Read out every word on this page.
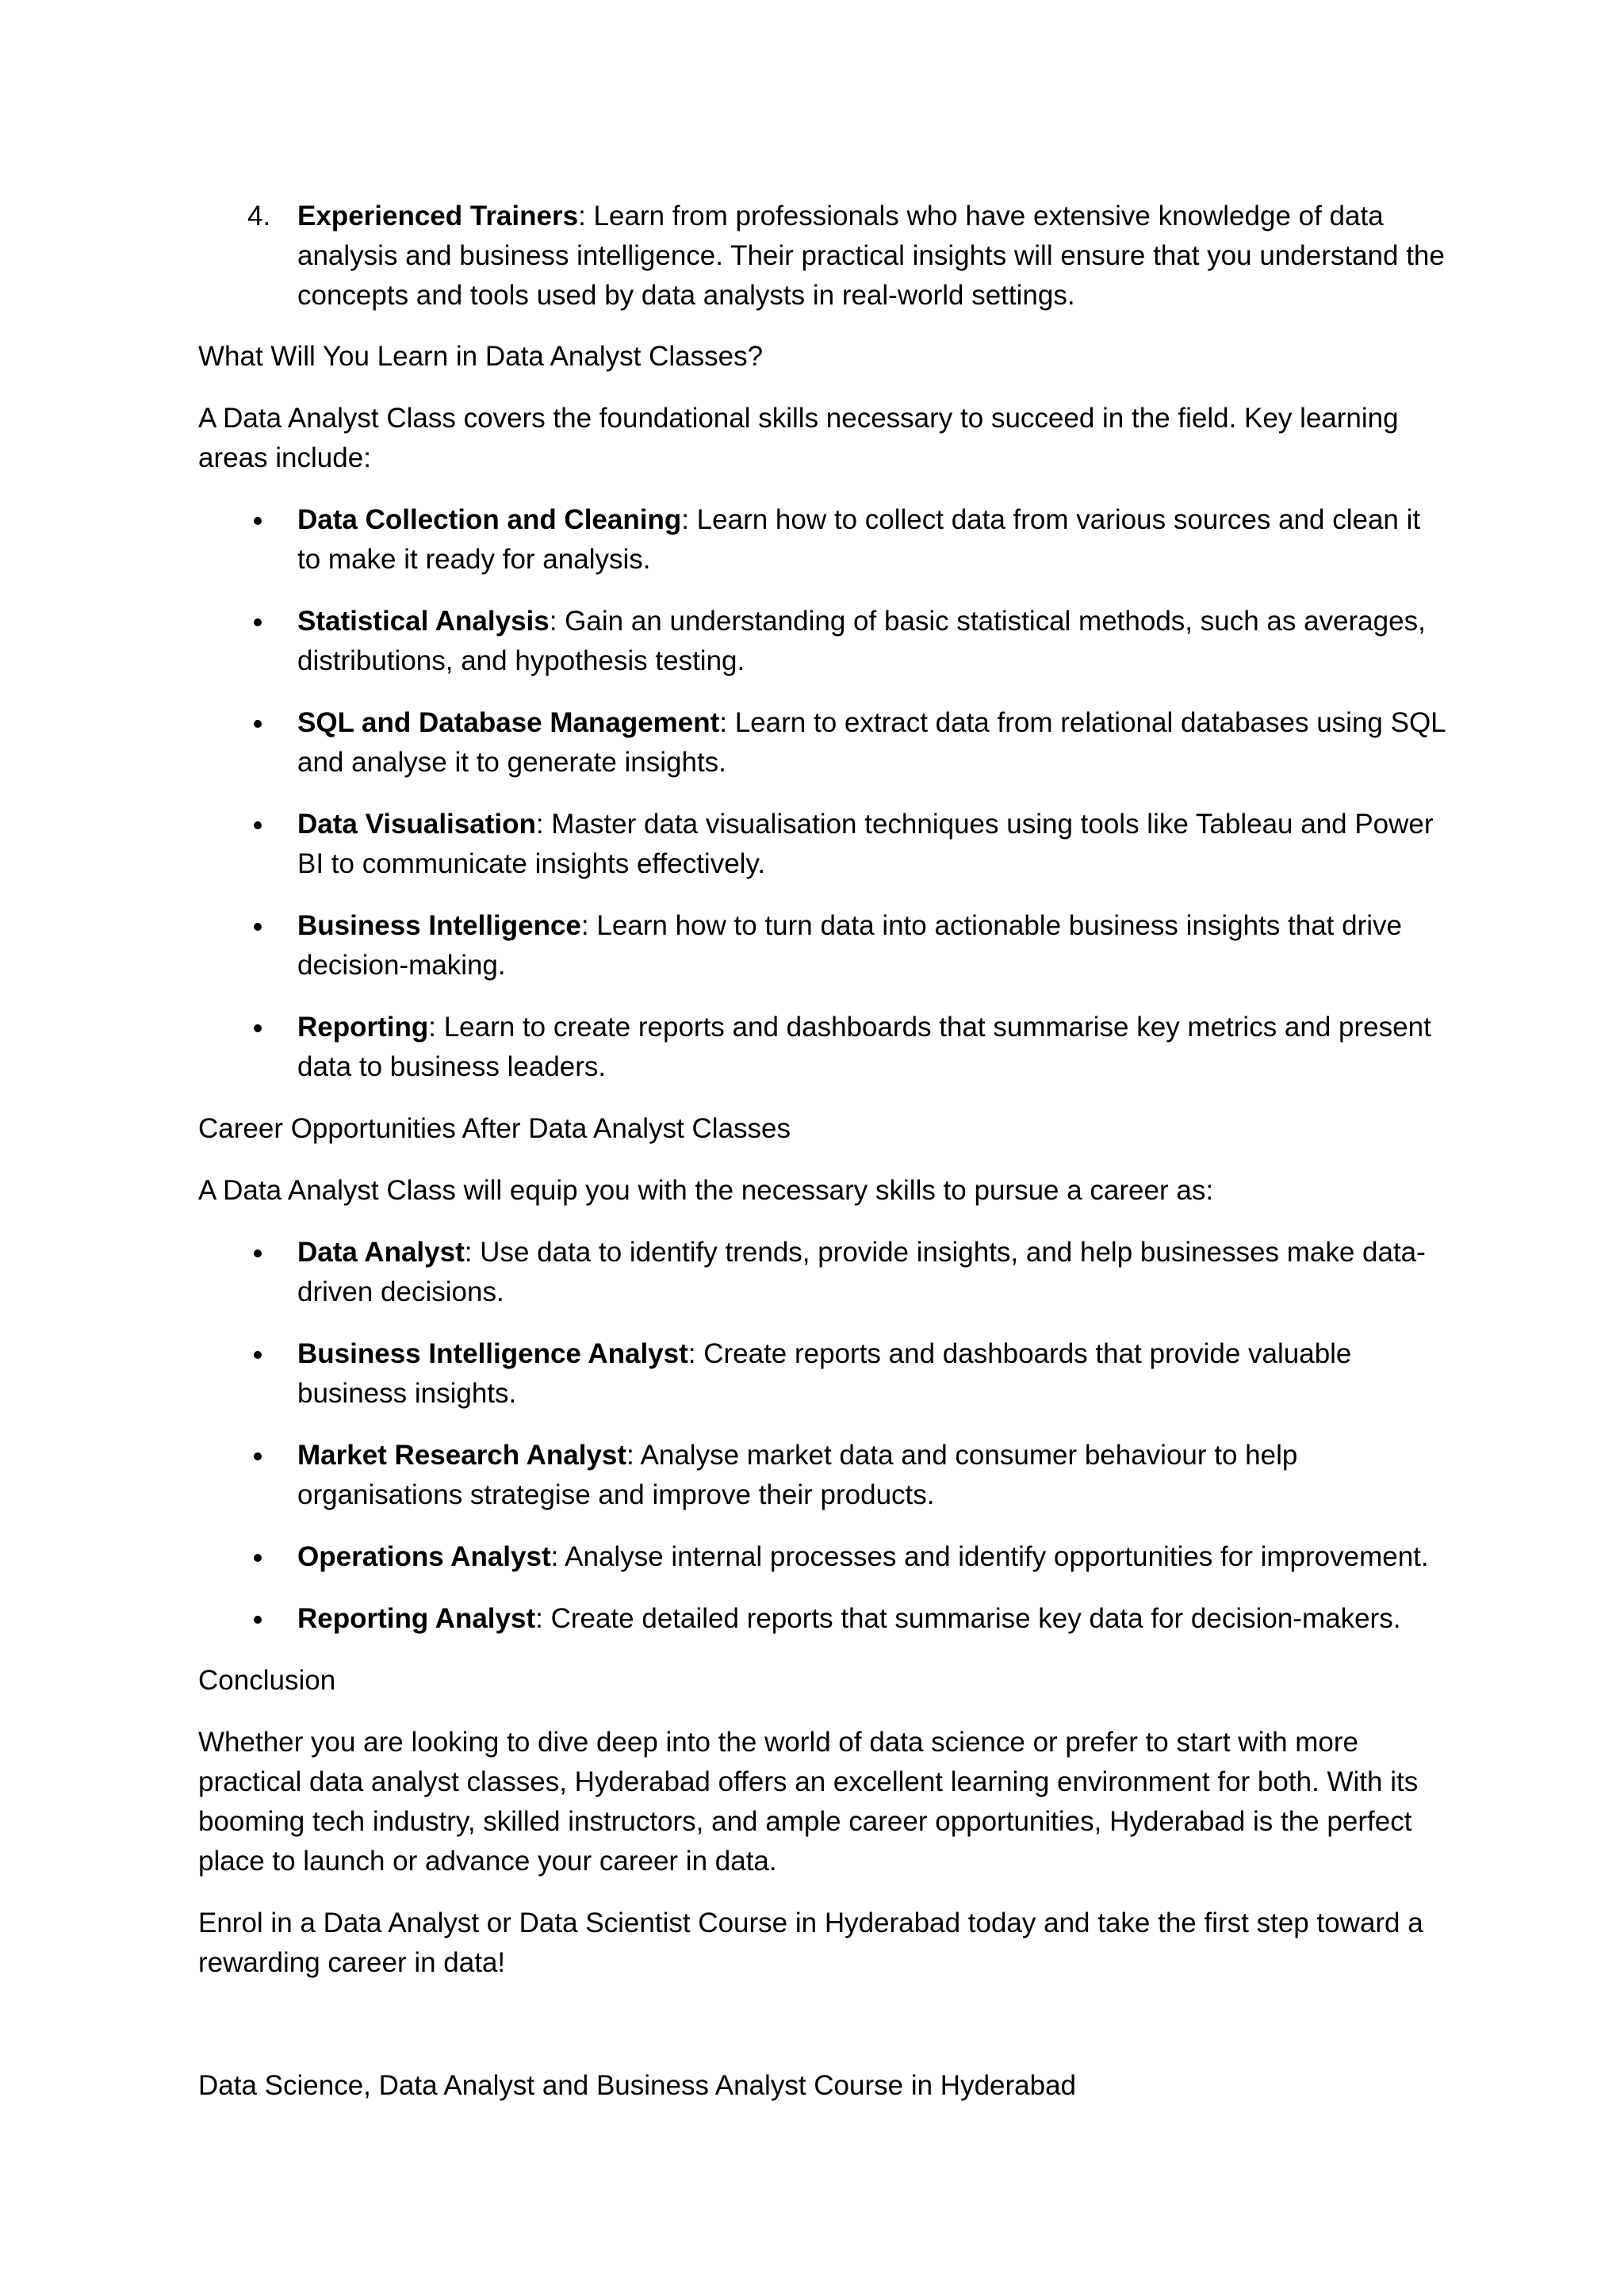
4. Experienced Trainers: Learn from professionals who have extensive knowledge of data analysis and business intelligence. Their practical insights will ensure that you understand the concepts and tools used by data analysts in real-world settings.

What Will You Learn in Data Analyst Classes?

A Data Analyst Class covers the foundational skills necessary to succeed in the field. Key learning areas include:

Data Collection and Cleaning: Learn how to collect data from various sources and clean it to make it ready for analysis.
Statistical Analysis: Gain an understanding of basic statistical methods, such as averages, distributions, and hypothesis testing.
SQL and Database Management: Learn to extract data from relational databases using SQL and analyse it to generate insights.
Data Visualisation: Master data visualisation techniques using tools like Tableau and Power BI to communicate insights effectively.
Business Intelligence: Learn how to turn data into actionable business insights that drive decision-making.
Reporting: Learn to create reports and dashboards that summarise key metrics and present data to business leaders.

Career Opportunities After Data Analyst Classes

A Data Analyst Class will equip you with the necessary skills to pursue a career as:

Data Analyst: Use data to identify trends, provide insights, and help businesses make data-driven decisions.
Business Intelligence Analyst: Create reports and dashboards that provide valuable business insights.
Market Research Analyst: Analyse market data and consumer behaviour to help organisations strategise and improve their products.
Operations Analyst: Analyse internal processes and identify opportunities for improvement.
Reporting Analyst: Create detailed reports that summarise key data for decision-makers.

Conclusion

Whether you are looking to dive deep into the world of data science or prefer to start with more practical data analyst classes, Hyderabad offers an excellent learning environment for both. With its booming tech industry, skilled instructors, and ample career opportunities, Hyderabad is the perfect place to launch or advance your career in data.

Enrol in a Data Analyst or Data Scientist Course in Hyderabad today and take the first step toward a rewarding career in data!

Data Science, Data Analyst and Business Analyst Course in Hyderabad
